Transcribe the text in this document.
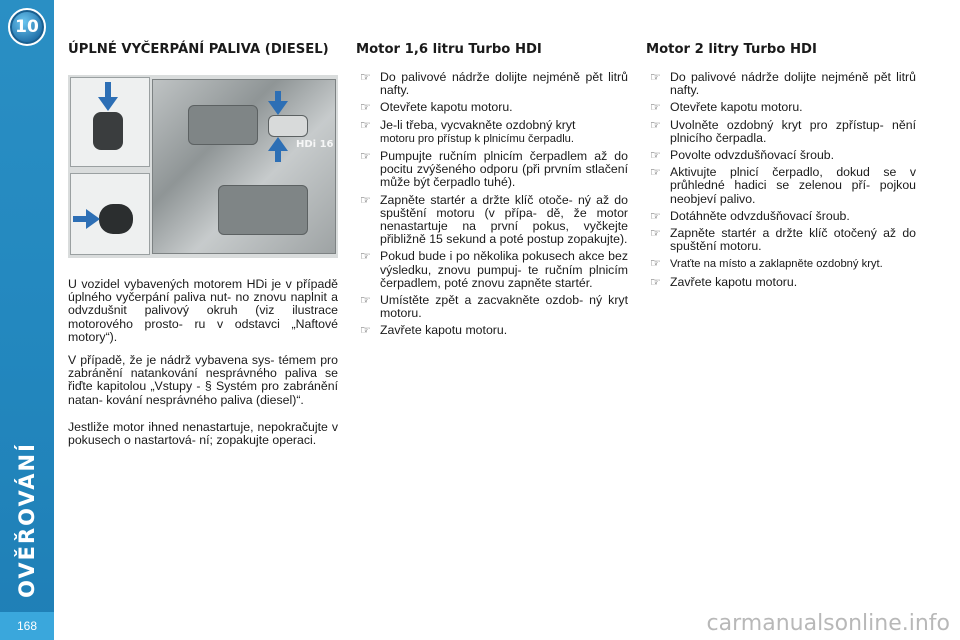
10
OVĚŘOVÁNÍ
168
ÚPLNÉ VYČERPÁNÍ PALIVA (DIESEL)
HDi 16

U vozidel vybavených motorem HDi je v případě úplného vyčerpání paliva nut- no znovu naplnit a odvzdušnit palivový okruh (viz ilustrace motorového prosto- ru v odstavci „Naftové motory“).

V případě, že je nádrž vybavena sys- témem pro zabránění natankování nesprávného paliva se řiďte kapitolou „Vstupy - § Systém pro zabránění natan- kování nesprávného paliva (diesel)“.

Jestliže motor ihned nenastartuje, nepokračujte v pokusech o nastartová- ní; zopakujte operaci.

Motor 1,6 litru Turbo HDI
☞ Do palivové nádrže dolijte nejméně pět litrů nafty.
☞ Otevřete kapotu motoru.
☞ Je-li třeba, vycvakněte ozdobný kryt
motoru pro přístup k plnicímu čerpadlu.
☞ Pumpujte ručním plnicím čerpadlem až do pocitu zvýšeného odporu (při prvním stlačení může být čerpadlo tuhé).
☞ Zapněte startér a držte klíč otoče- ný až do spuštění motoru (v přípa- dě, že motor nenastartuje na první pokus, vyčkejte přibližně 15 sekund a poté postup zopakujte).
☞ Pokud bude i po několika pokusech akce bez výsledku, znovu pumpuj- te ručním plnicím čerpadlem, poté znovu zapněte startér.
☞ Umístěte zpět a zacvakněte ozdob- ný kryt motoru.
☞ Zavřete kapotu motoru.
Motor 2 litry Turbo HDI
☞ Do palivové nádrže dolijte nejméně pět litrů nafty.
☞ Otevřete kapotu motoru.
☞ Uvolněte ozdobný kryt pro zpřístup- nění plnicího čerpadla.
☞ Povolte odvzdušňovací šroub.
☞ Aktivujte plnicí čerpadlo, dokud se v průhledné hadici se zelenou pří- pojkou neobjeví palivo.
☞ Dotáhněte odvzdušňovací šroub.
☞ Zapněte startér a držte klíč otočený až do spuštění motoru.
☞ Vraťte na místo a zaklapněte ozdobný kryt.
☞ Zavřete kapotu motoru.
carmanualsonline.info
